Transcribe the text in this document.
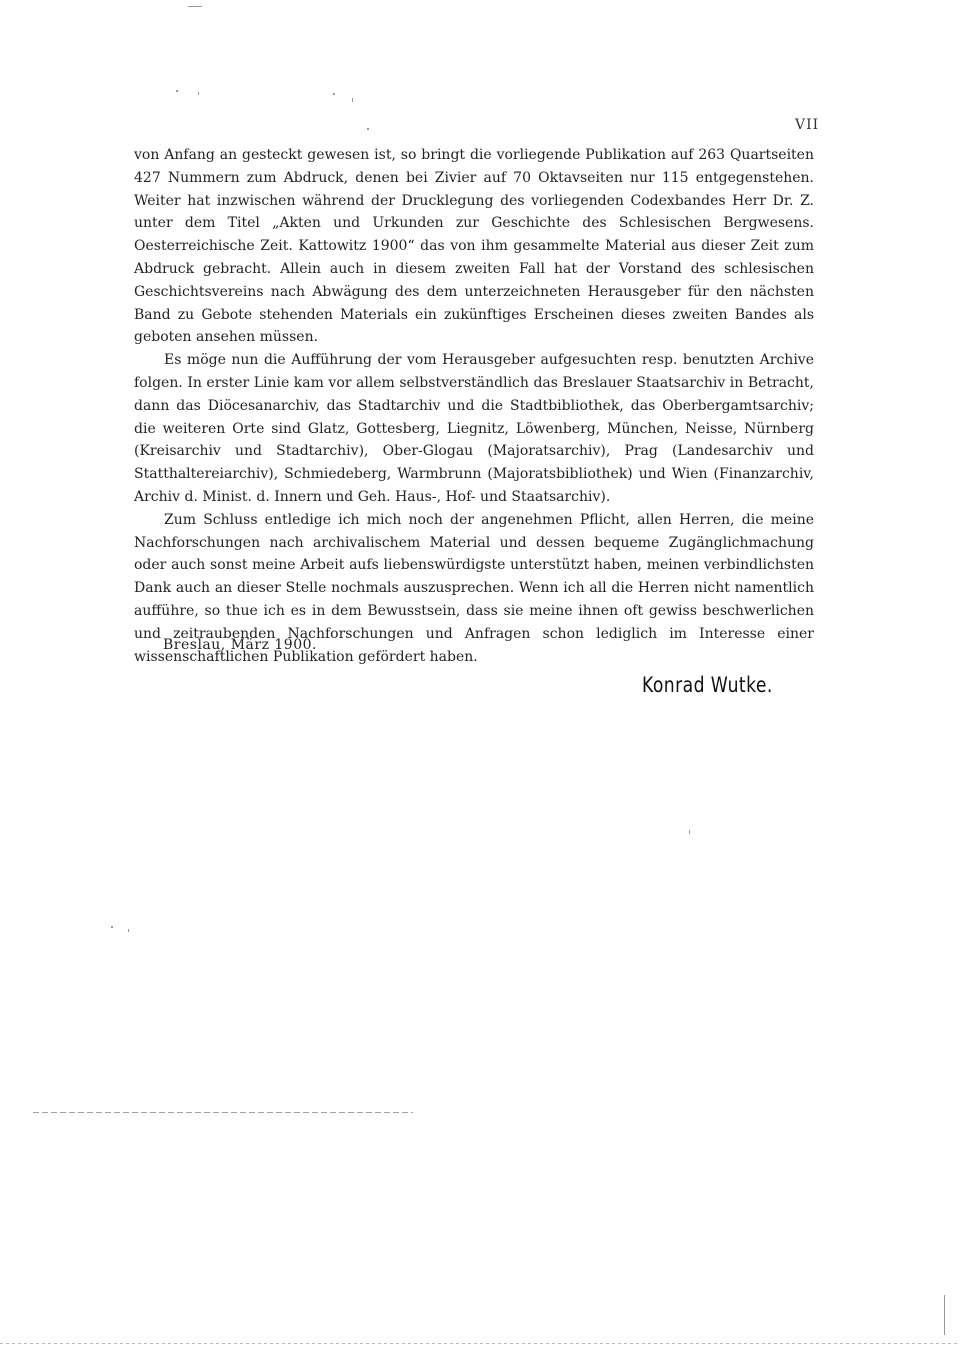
VII

von Anfang an gesteckt gewesen ist, so bringt die vorliegende Publikation auf 263 Quartseiten 427 Nummern zum Abdruck, denen bei Zivier auf 70 Oktavseiten nur 115 entgegenstehen. Weiter hat inzwischen während der Drucklegung des vorliegenden Codexbandes Herr Dr. Z. unter dem Titel „Akten und Urkunden zur Geschichte des Schlesischen Bergwesens. Oesterreichische Zeit. Kattowitz 1900“ das von ihm gesammelte Material aus dieser Zeit zum Abdruck gebracht. Allein auch in diesem zweiten Fall hat der Vorstand des schlesischen Geschichtsvereins nach Abwägung des dem unterzeichneten Herausgeber für den nächsten Band zu Gebote stehenden Materials ein zukünftiges Erscheinen dieses zweiten Bandes als geboten ansehen müssen.

Es möge nun die Aufführung der vom Herausgeber aufgesuchten resp. benutzten Archive folgen. In erster Linie kam vor allem selbstverständlich das Breslauer Staatsarchiv in Betracht, dann das Diöcesanarchiv, das Stadtarchiv und die Stadtbibliothek, das Oberbergamtsarchiv; die weiteren Orte sind Glatz, Gottesberg, Liegnitz, Löwenberg, München, Neisse, Nürnberg (Kreisarchiv und Stadtarchiv), Ober-Glogau (Majoratsarchiv), Prag (Landesarchiv und Statthaltereiarchiv), Schmiedeberg, Warmbrunn (Majoratsbibliothek) und Wien (Finanzarchiv, Archiv d. Minist. d. Innern und Geh. Haus-, Hof- und Staatsarchiv).

Zum Schluss entledige ich mich noch der angenehmen Pflicht, allen Herren, die meine Nachforschungen nach archivalischem Material und dessen bequeme Zugänglichmachung oder auch sonst meine Arbeit aufs liebenswürdigste unterstützt haben, meinen verbindlichsten Dank auch an dieser Stelle nochmals auszusprechen. Wenn ich all die Herren nicht namentlich aufführe, so thue ich es in dem Bewusstsein, dass sie meine ihnen oft gewiss beschwerlichen und zeitraubenden Nachforschungen und Anfragen schon lediglich im Interesse einer wissenschaftlichen Publikation gefördert haben.

Breslau, März 1900.
Konrad Wutke.
